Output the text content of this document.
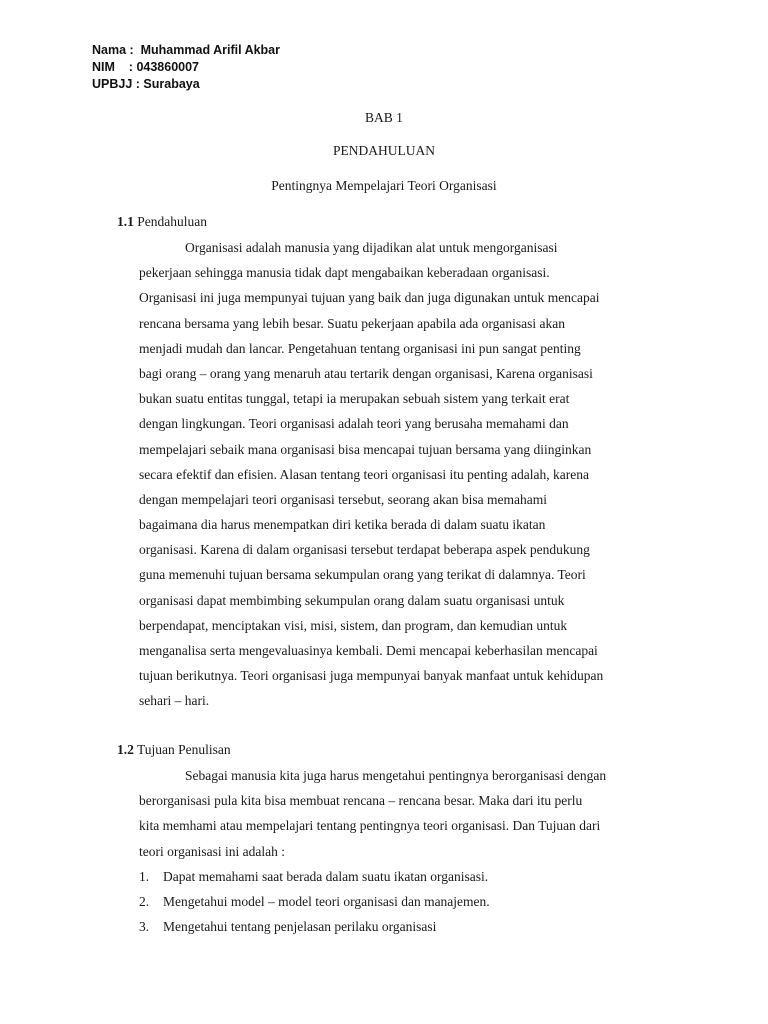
Nama :  Muhammad Arifil Akbar
NIM    : 043860007
UPBJJ : Surabaya
BAB 1
PENDAHULUAN
Pentingnya Mempelajari Teori Organisasi
1.1 Pendahuluan
Organisasi adalah manusia yang dijadikan alat untuk mengorganisasi
pekerjaan sehingga manusia tidak dapt mengabaikan keberadaan organisasi.
Organisasi ini juga mempunyai tujuan yang baik dan juga digunakan untuk mencapai
rencana bersama yang lebih besar. Suatu pekerjaan apabila ada organisasi akan
menjadi mudah dan lancar. Pengetahuan tentang organisasi ini pun sangat penting
bagi orang – orang yang menaruh atau tertarik dengan organisasi, Karena organisasi
bukan suatu entitas tunggal, tetapi ia merupakan sebuah sistem yang terkait erat
dengan lingkungan. Teori organisasi adalah teori yang berusaha memahami dan
mempelajari sebaik mana organisasi bisa mencapai tujuan bersama yang diinginkan
secara efektif dan efisien. Alasan tentang teori organisasi itu penting adalah, karena
dengan mempelajari teori organisasi tersebut, seorang akan bisa memahami
bagaimana dia harus menempatkan diri ketika berada di dalam suatu ikatan
organisasi. Karena di dalam organisasi tersebut terdapat beberapa aspek pendukung
guna memenuhi tujuan bersama sekumpulan orang yang terikat di dalamnya. Teori
organisasi dapat membimbing sekumpulan orang dalam suatu organisasi untuk
berpendapat, menciptakan visi, misi, sistem, dan program, dan kemudian untuk
menganalisa serta mengevaluasinya kembali. Demi mencapai keberhasilan mencapai
tujuan berikutnya. Teori organisasi juga mempunyai banyak manfaat untuk kehidupan
sehari – hari.
1.2 Tujuan Penulisan
Sebagai manusia kita juga harus mengetahui pentingnya berorganisasi dengan
berorganisasi pula kita bisa membuat rencana – rencana besar. Maka dari itu perlu
kita memhami atau mempelajari tentang pentingnya teori organisasi. Dan Tujuan dari
teori organisasi ini adalah :
1. Dapat memahami saat berada dalam suatu ikatan organisasi.
2. Mengetahui model – model teori organisasi dan manajemen.
3. Mengetahui tentang penjelasan perilaku organisasi
